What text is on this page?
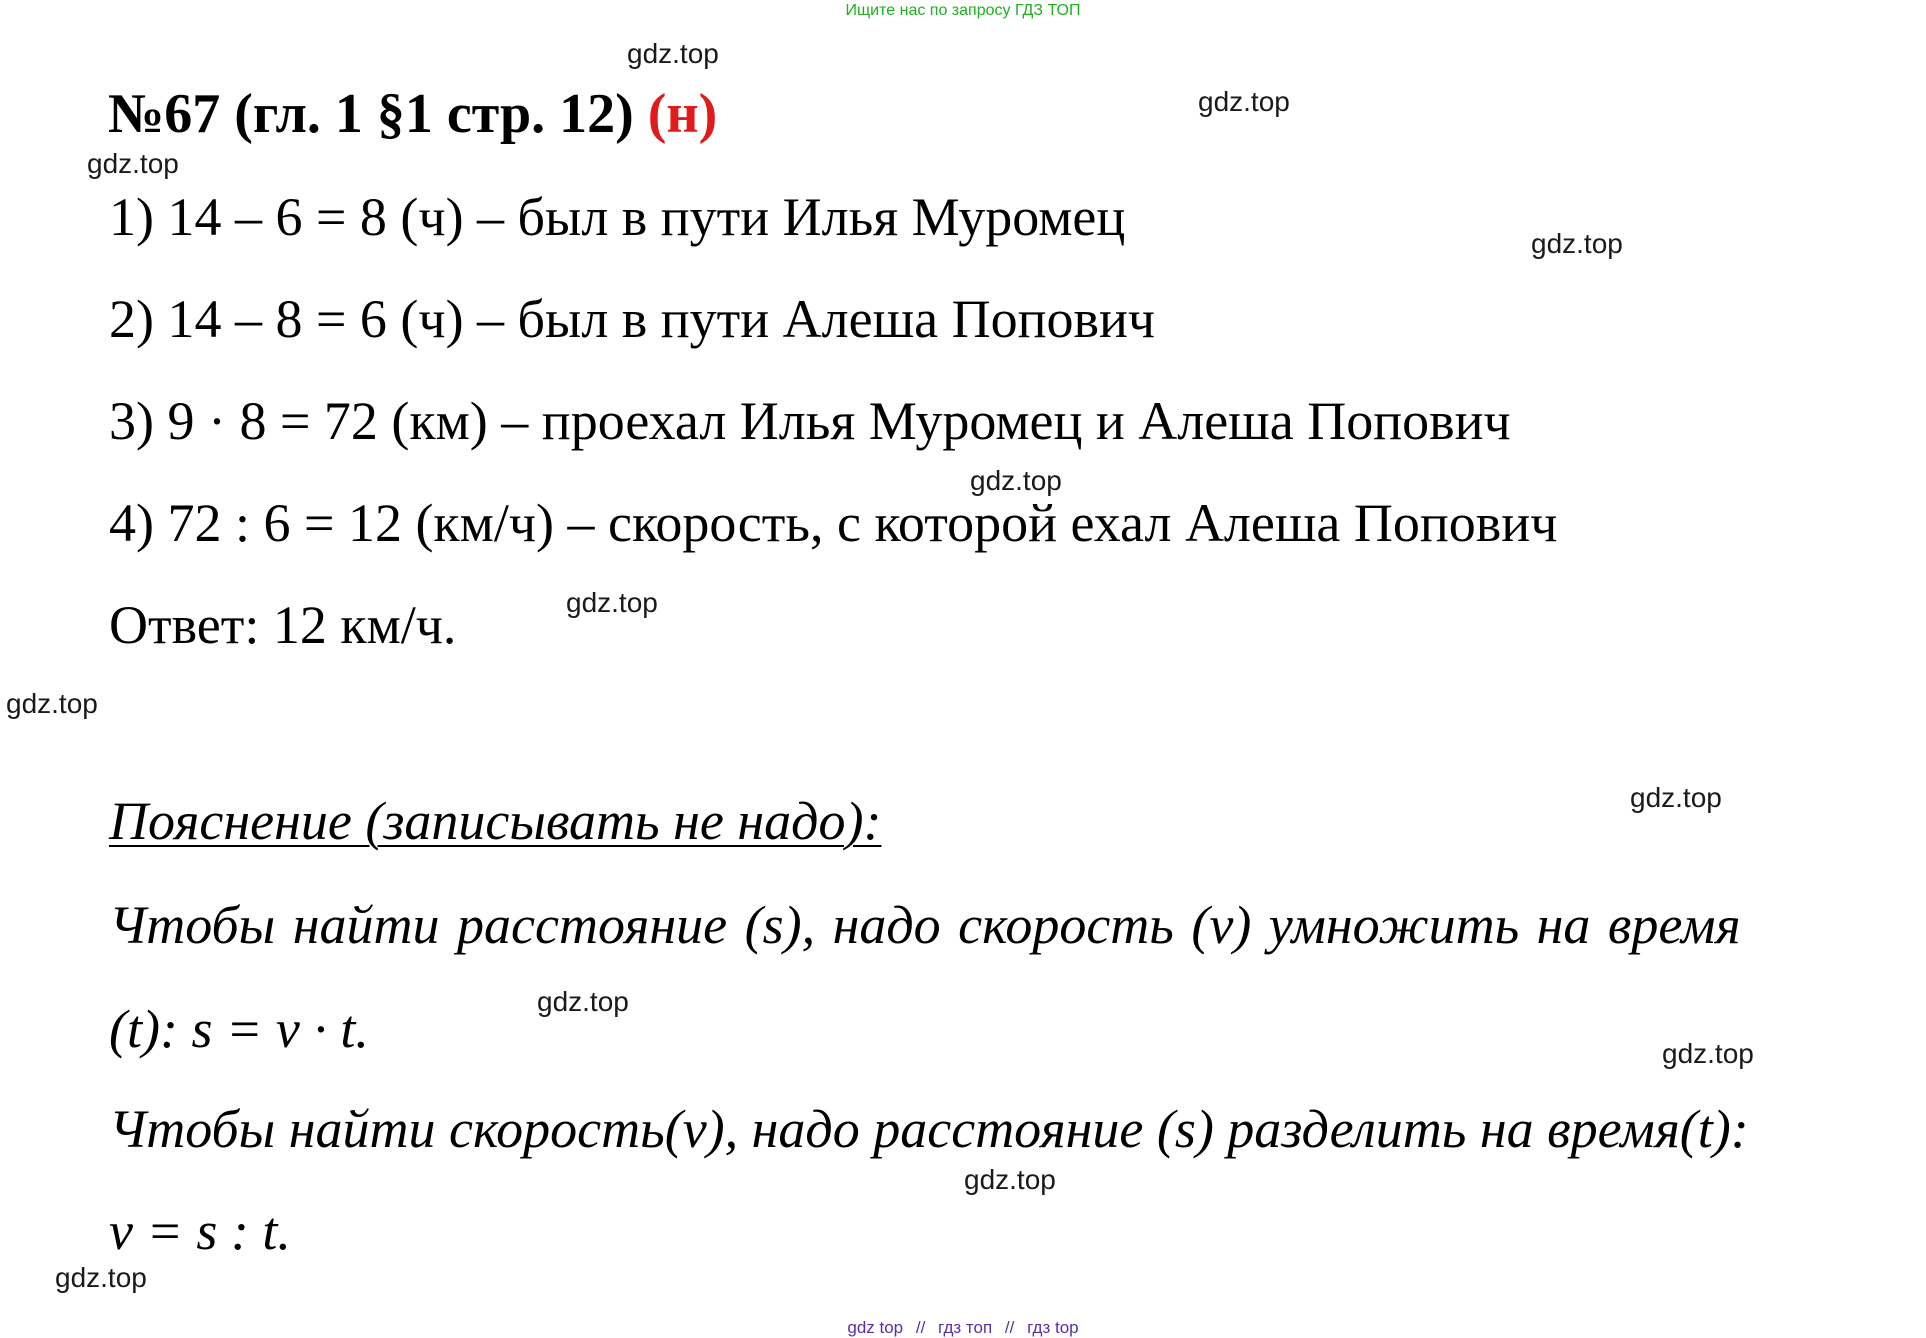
Ищите нас по запросу ГДЗ ТОП
№67 (гл. 1 §1 стр. 12) (н)
1) 14 – 6 = 8 (ч) – был в пути Илья Муромец
2) 14 – 8 = 6 (ч) – был в пути Алеша Попович
3) 9 · 8 = 72 (км) – проехал Илья Муромец и Алеша Попович
4) 72 : 6 = 12 (км/ч) – скорость, с которой ехал Алеша Попович
Ответ: 12 км/ч.
Пояснение (записывать не надо):
Чтобы найти расстояние (s), надо скорость (v) умножить на время
(t): s = v · t.
Чтобы найти скорость(v), надо расстояние (s) разделить на время(t):
v = s : t.
gdz.top
gdz.top
gdz.top
gdz.top
gdz.top
gdz.top
gdz.top
gdz.top
gdz.top
gdz.top
gdz.top
gdz.top
gdz top // гдз топ // гдз top
